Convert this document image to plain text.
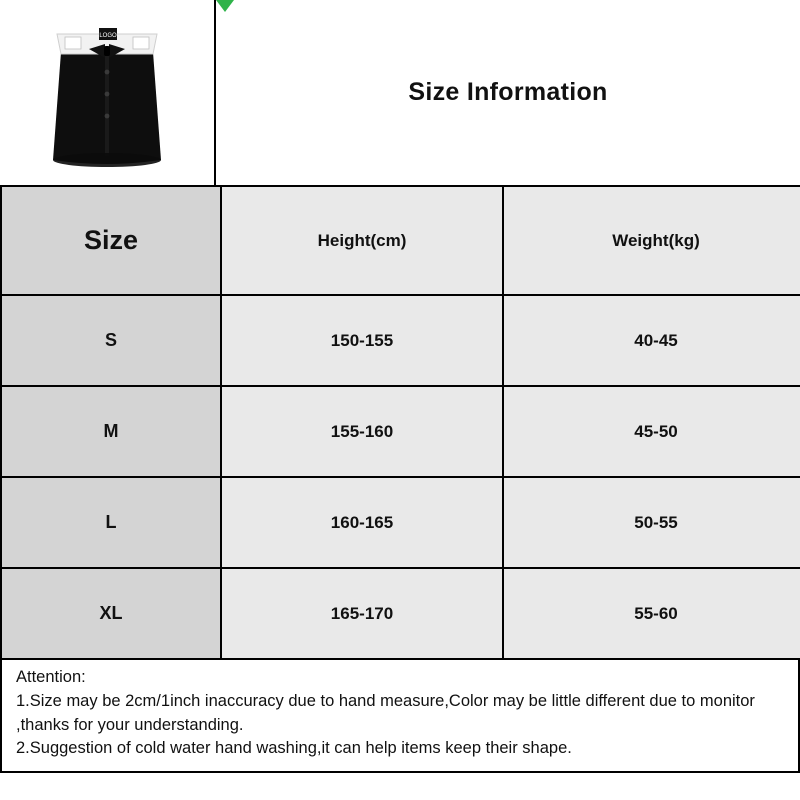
LOGO
Size Information
Size	Height(cm)	Weight(kg)
S	150-155	40-45
M	155-160	45-50
L	160-165	50-55
XL	165-170	55-60

Attention:

1.Size may be 2cm/1inch inaccuracy due to hand measure,Color may be little different due to monitor ,thanks for your understanding.

2.Suggestion of cold water hand washing,it can help items keep their shape.
